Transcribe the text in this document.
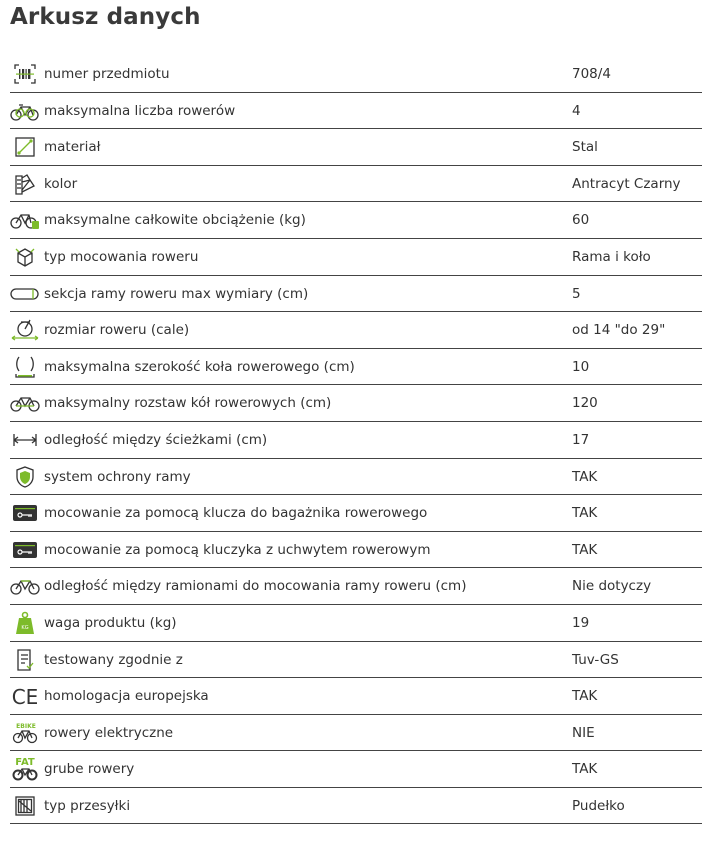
Arkusz danych
numer przedmiotu	708/4
maksymalna liczba rowerów	4
materiał	Stal
kolor	Antracyt Czarny
maksymalne całkowite obciążenie (kg)	60
typ mocowania roweru	Rama i koło
sekcja ramy roweru max wymiary (cm)	5
rozmiar roweru (cale)	od 14 "do 29"
maksymalna szerokość koła rowerowego (cm)	10
maksymalny rozstaw kół rowerowych (cm)	120
odległość między ścieżkami (cm)	17
system ochrony ramy	TAK
mocowanie za pomocą klucza do bagażnika rowerowego	TAK
mocowanie za pomocą kluczyka z uchwytem rowerowym	TAK
odległość między ramionami do mocowania ramy roweru (cm)	Nie dotyczy
KG waga produktu (kg)	19
testowany zgodnie z	Tuv-GS
CE homologacja europejska	TAK
EBIKE rowery elektryczne	NIE
FAT grube rowery	TAK
typ przesyłki	Pudełko
